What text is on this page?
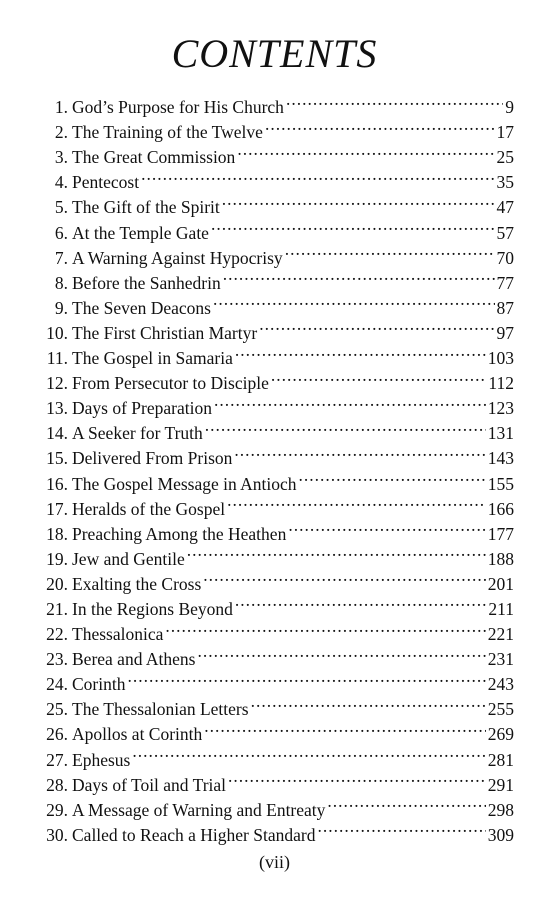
CONTENTS
1. God’s Purpose for His Church .....	9
2. The Training of the Twelve .....	17
3. The Great Commission .....	25
4. Pentecost .....	35
5. The Gift of the Spirit .....	47
6. At the Temple Gate .....	57
7. A Warning Against Hypocrisy .....	70
8. Before the Sanhedrin .....	77
9. The Seven Deacons .....	87
10. The First Christian Martyr .....	97
11. The Gospel in Samaria .....	103
12. From Persecutor to Disciple .....	112
13. Days of Preparation .....	123
14. A Seeker for Truth .....	131
15. Delivered From Prison .....	143
16. The Gospel Message in Antioch .....	155
17. Heralds of the Gospel .....	166
18. Preaching Among the Heathen .....	177
19. Jew and Gentile .....	188
20. Exalting the Cross .....	201
21. In the Regions Beyond .....	211
22. Thessalonica .....	221
23. Berea and Athens .....	231
24. Corinth .....	243
25. The Thessalonian Letters .....	255
26. Apollos at Corinth .....	269
27. Ephesus .....	281
28. Days of Toil and Trial .....	291
29. A Message of Warning and Entreaty .....	298
30. Called to Reach a Higher Standard .....	309
(vii)
